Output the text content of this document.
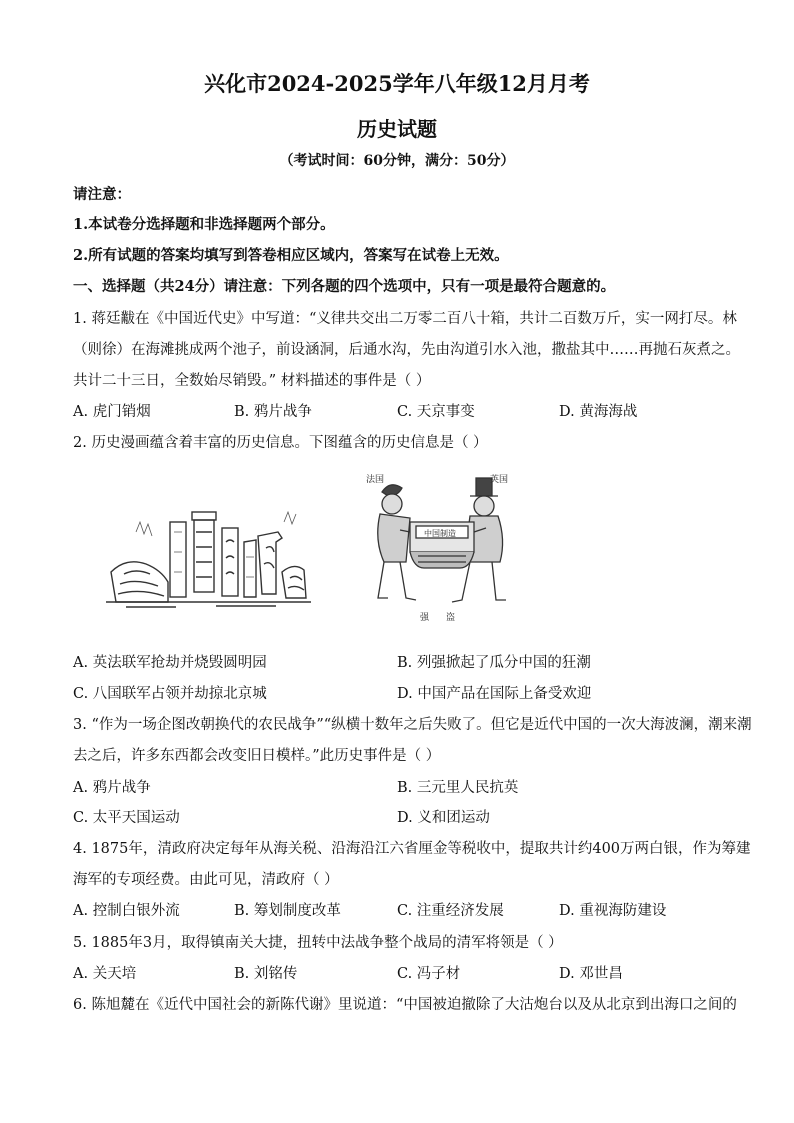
兴化市2024-2025学年八年级12月月考
历史试题
（考试时间：60分钟，满分：50分）
请注意：
1.本试卷分选择题和非选择题两个部分。
2.所有试题的答案均填写到答卷相应区域内，答案写在试卷上无效。
一、选择题（共24分）请注意：下列各题的四个选项中，只有一项是最符合题意的。
1. 蒋廷黻在《中国近代史》中写道：“义律共交出二万零二百八十箱，共计二百数万斤，实一网打尽。林
（则徐）在海滩挑成两个池子，前设涵洞，后通水沟，先由沟道引水入池，撒盐其中……再抛石灰煮之。
共计二十三日，全数始尽销毁。” 材料描述的事件是（ ）
A. 虎门销烟	B. 鸦片战争	C. 天京事变	D. 黄海海战
2. 历史漫画蕴含着丰富的历史信息。下图蕴含的历史信息是（ ）
法国	英国
中国制造
强 盗
A. 英法联军抢劫并烧毁圆明园	B. 列强掀起了瓜分中国的狂潮
C. 八国联军占领并劫掠北京城	D. 中国产品在国际上备受欢迎
3. “作为一场企图改朝换代的农民战争”“纵横十数年之后失败了。但它是近代中国的一次大海波澜，潮来潮
去之后，许多东西都会改变旧日模样。”此历史事件是（ ）
A. 鸦片战争	B. 三元里人民抗英
C. 太平天国运动	D. 义和团运动
4. 1875年，清政府决定每年从海关税、沿海沿江六省厘金等税收中，提取共计约400万两白银，作为筹建
海军的专项经费。由此可见，清政府（ ）
A. 控制白银外流	B. 筹划制度改革	C. 注重经济发展	D. 重视海防建设
5. 1885年3月，取得镇南关大捷，扭转中法战争整个战局的清军将领是（ ）
A. 关天培	B. 刘铭传	C. 冯子材	D. 邓世昌
6. 陈旭麓在《近代中国社会的新陈代谢》里说道：“中国被迫撤除了大沽炮台以及从北京到出海口之间的
